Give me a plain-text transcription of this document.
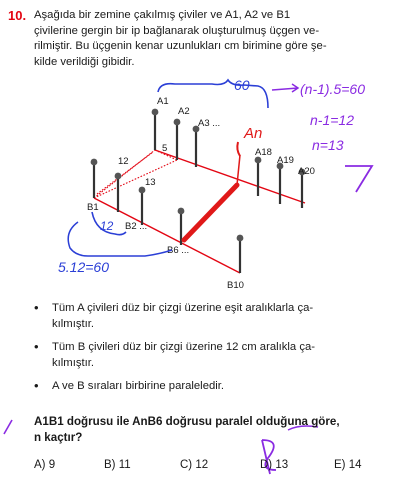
10. Aşağıda bir zemine çakılmış çiviler ve A1, A2 ve B1
çivilerine gergin bir ip bağlanarak oluşturulmuş üçgen ve-
rilmiştir. Bu üçgenin kenar uzunlukları cm birimine göre şe-
kilde verildiği gibidir.
A1
A2
A3 ...
A18
A19
A20
B1
B2 ...
B6 ...
B10
12
5
13
60	(n-1).5=60
n-1=12
n=13
An
12
5.12=60
•	Tüm A çivileri düz bir çizgi üzerine eşit aralıklarla ça-
kılmıştır.
•	Tüm B çivileri düz bir çizgi üzerine 12 cm aralıkla ça-
kılmıştır.
•	A ve B sıraları birbirine paraleledir.
A1B1 doğrusu ile AnB6 doğrusu paralel olduğuna göre,
n kaçtır?
A) 9	B) 11	C) 12	D) 13	E) 14
